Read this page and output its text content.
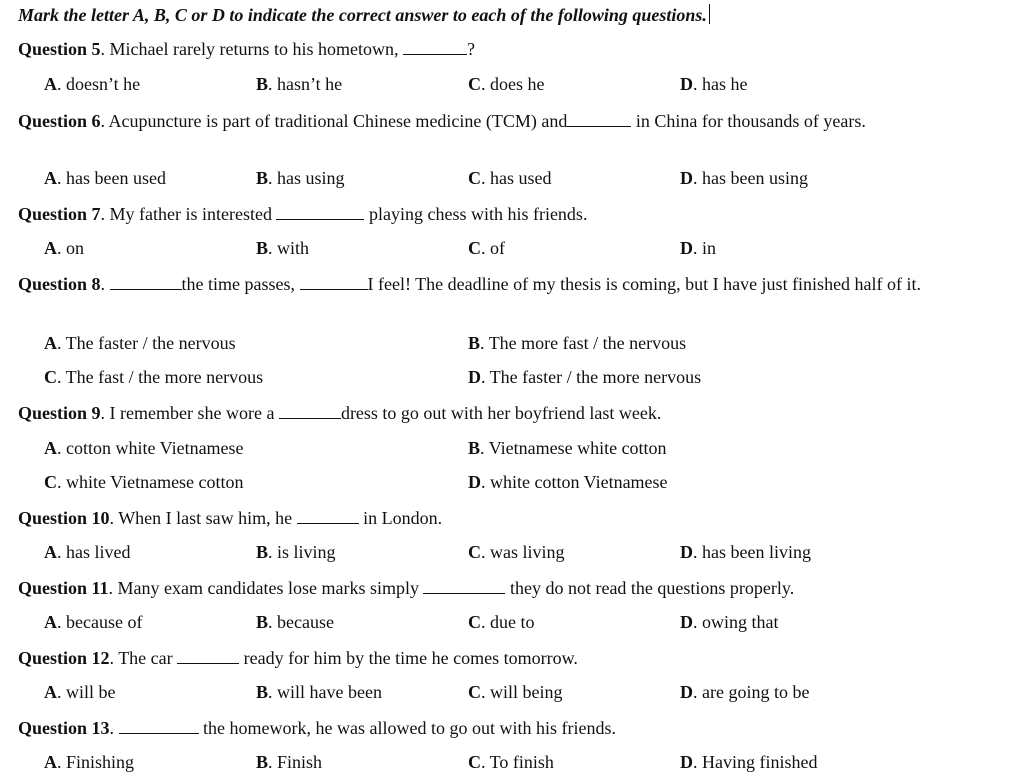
Mark the letter A, B, C or D to indicate the correct answer to each of the following questions.
Question 5. Michael rarely returns to his hometown,	?
A. doesn’t he	B. hasn’t he	C. does he	D. has he
Question 6. Acupuncture is part of traditional Chinese medicine (TCM) and	in China for thousands of years.
A. has been used	B. has using	C. has used	D. has been using
Question 7. My father is interested	playing chess with his friends.
A. on	B. with	C. of	D. in
Question 8.	the time passes,	I feel! The deadline of my thesis is coming, but I have just finished half of it.
A. The faster / the nervous	B. The more fast / the nervous
C. The fast / the more nervous	D. The faster / the more nervous
Question 9. I remember she wore a	dress to go out with her boyfriend last week.
A. cotton white Vietnamese	B. Vietnamese white cotton
C. white Vietnamese cotton	D. white cotton Vietnamese
Question 10. When I last saw him, he	in London.
A. has lived	B. is living	C. was living	D. has been living
Question 11. Many exam candidates lose marks simply	they do not read the questions properly.
A. because of	B. because	C. due to	D. owing that
Question 12. The car	ready for him by the time he comes tomorrow.
A. will be	B. will have been	C. will being	D. are going to be
Question 13.	the homework, he was allowed to go out with his friends.
A. Finishing	B. Finish	C. To finish	D. Having finished
